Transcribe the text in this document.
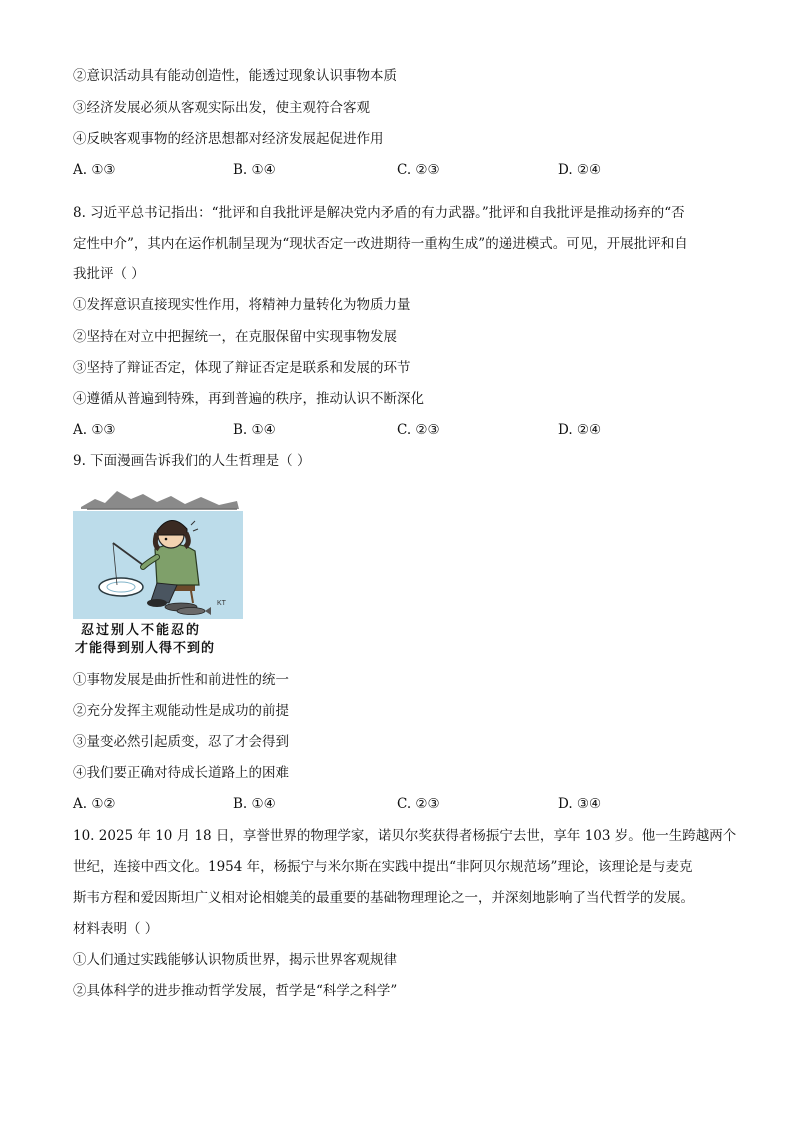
②意识活动具有能动创造性，能透过现象认识事物本质
③经济发展必须从客观实际出发，使主观符合客观
④反映客观事物的经济思想都对经济发展起促进作用
A. ①③	B. ①④	C. ②③	D. ②④
8. 习近平总书记指出：“批评和自我批评是解决党内矛盾的有力武器。”批评和自我批评是推动扬弃的“否
定性中介”，其内在运作机制呈现为“现状否定一改进期待一重构生成”的递进模式。可见，开展批评和自
我批评（ ）
①发挥意识直接现实性作用，将精神力量转化为物质力量
②坚持在对立中把握统一，在克服保留中实现事物发展
③坚持了辩证否定，体现了辩证否定是联系和发展的环节
④遵循从普遍到特殊，再到普遍的秩序，推动认识不断深化
A. ①③	B. ①④	C. ②③	D. ②④
9. 下面漫画告诉我们的人生哲理是（ ）
KT
忍过别人不能忍的
才能得到别人得不到的
①事物发展是曲折性和前进性的统一
②充分发挥主观能动性是成功的前提
③量变必然引起质变，忍了才会得到
④我们要正确对待成长道路上的困难
A. ①②	B. ①④	C. ②③	D. ③④
10. 2025 年 10 月 18 日，享誉世界的物理学家，诺贝尔奖获得者杨振宁去世，享年 103 岁。他一生跨越两个
世纪，连接中西文化。1954 年，杨振宁与米尔斯在实践中提出“非阿贝尔规范场”理论，该理论是与麦克
斯韦方程和爱因斯坦广义相对论相媲美的最重要的基础物理理论之一，并深刻地影响了当代哲学的发展。
材料表明（ ）
①人们通过实践能够认识物质世界，揭示世界客观规律
②具体科学的进步推动哲学发展，哲学是“科学之科学”
